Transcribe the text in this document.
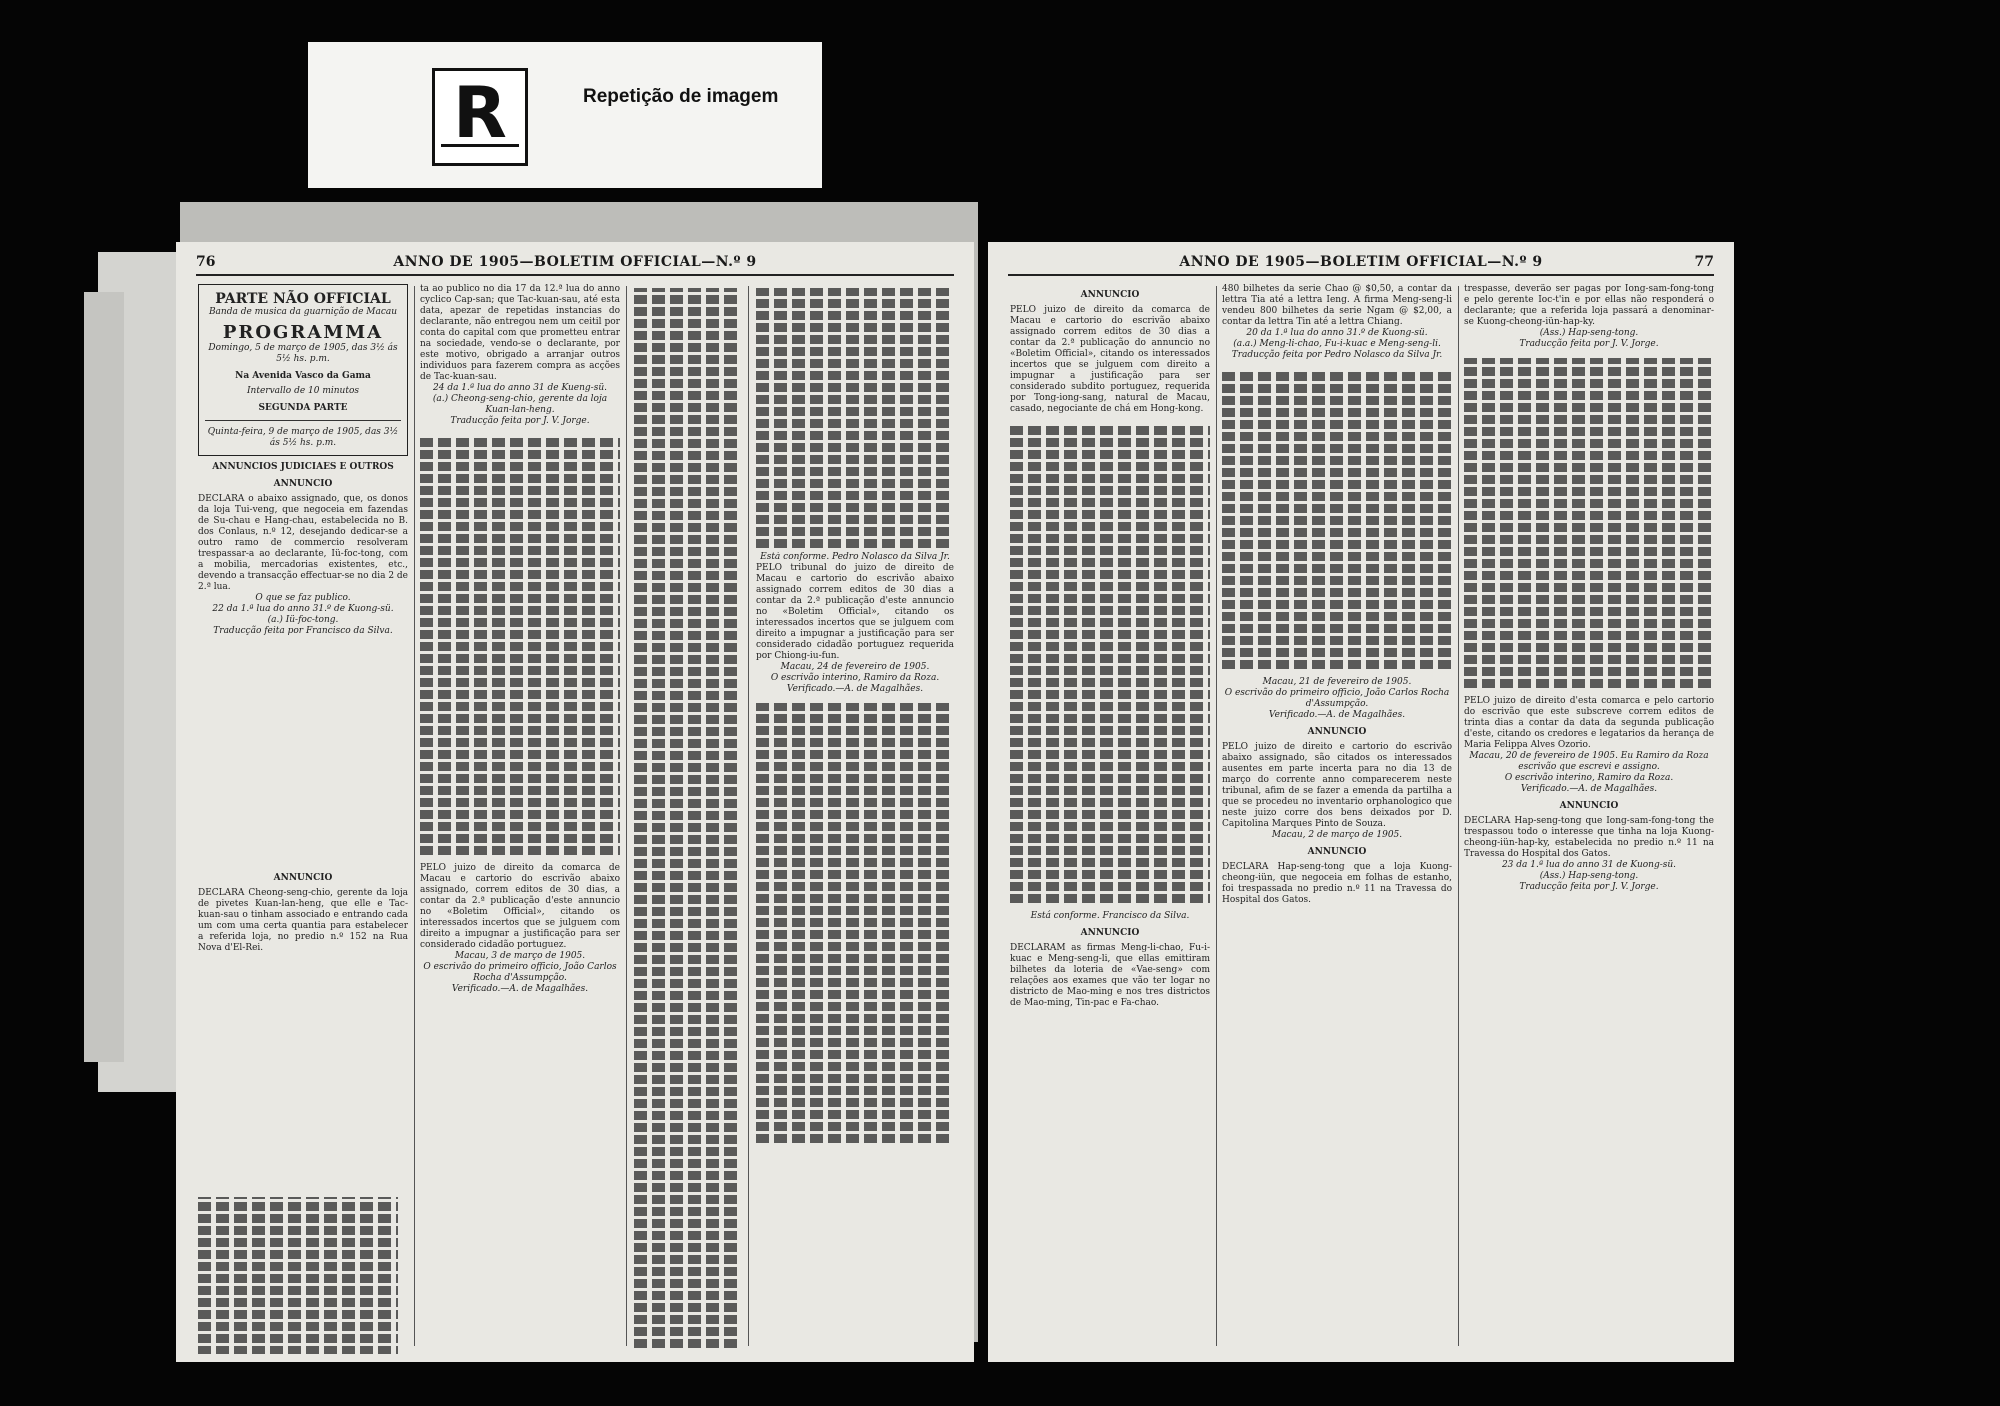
R	Repetição de imagem
76	ANNO DE 1905—BOLETIM OFFICIAL—N.º 9
PARTE NÃO OFFICIAL
Banda de musica da guarnição de Macau
PROGRAMMA
Domingo, 5 de março de 1905, das 3½ ás 5½ hs. p.m.
Na Avenida Vasco da Gama
Intervallo de 10 minutos
SEGUNDA PARTE
Quinta-feira, 9 de março de 1905, das 3½ ás 5½ hs. p.m.
ANNUNCIOS JUDICIAES E OUTROS
ANNUNCIO
DECLARA o abaixo assignado, que, os donos da loja Tui-veng, que negoceia em fazendas de Su-chau e Hang-chau, estabelecida no B. dos Conlaus, n.º 12, desejando dedicar-se a outro ramo de commercio resolveram trespassar-a ao declarante, Iü-foc-tong, com a mobilia, mercadorias existentes, etc., devendo a transacção effectuar-se no dia 2 de 2.ª lua.
O que se faz publico.
22 da 1.ª lua do anno 31.º de Kuong-sü.
(a.) Iü-foc-tong.
Traducção feita por Francisco da Silva.
ANNUNCIO
DECLARA Cheong-seng-chio, gerente da loja de pivetes Kuan-lan-heng, que elle e Tac-kuan-sau o tinham associado e entrando cada um com uma certa quantia para estabelecer a referida loja, no predio n.º 152 na Rua Nova d'El-Rei.
ta ao publico no dia 17 da 12.ª lua do anno cyclico Cap-san; que Tac-kuan-sau, até esta data, apezar de repetidas instancias do declarante, não entregou nem um ceitil por conta do capital com que prometteu entrar na sociedade, vendo-se o declarante, por este motivo, obrigado a arranjar outros individuos para fazerem compra as acções de Tac-kuan-sau.
24 da 1.ª lua do anno 31 de Kueng-sü.
(a.) Cheong-seng-chio, gerente da loja Kuan-lan-heng.
Traducção feita por J. V. Jorge.
PELO juizo de direito da comarca de Macau e cartorio do escrivão abaixo assignado, correm editos de 30 dias, a contar da 2.ª publicação d'este annuncio no «Boletim Official», citando os interessados incertos que se julguem com direito a impugnar a justificação para ser considerado cidadão portuguez.
Macau, 3 de março de 1905.
O escrivão do primeiro officio, João Carlos Rocha d'Assumpção.
Verificado.—A. de Magalhães.
Está conforme. Pedro Nolasco da Silva Jr.
PELO tribunal do juizo de direito de Macau e cartorio do escrivão abaixo assignado correm editos de 30 dias a contar da 2.ª publicação d'este annuncio no «Boletim Official», citando os interessados incertos que se julguem com direito a impugnar a justificação para ser considerado cidadão portuguez requerida por Chiong-iu-fun.
Macau, 24 de fevereiro de 1905.
O escrivão interino, Ramiro da Roza.
Verificado.—A. de Magalhães.
ANNO DE 1905—BOLETIM OFFICIAL—N.º 9	77
ANNUNCIO
PELO juizo de direito da comarca de Macau e cartorio do escrivão abaixo assignado correm editos de 30 dias a contar da 2.ª publicação do annuncio no «Boletim Official», citando os interessados incertos que se julguem com direito a impugnar a justificação para ser considerado subdito portuguez, requerida por Tong-iong-sang, natural de Macau, casado, negociante de chá em Hong-kong.
Está conforme. Francisco da Silva.
ANNUNCIO
DECLARAM as firmas Meng-li-chao, Fu-i-kuac e Meng-seng-li, que ellas emittiram bilhetes da loteria de «Vae-seng» com relações aos exames que vão ter logar no districto de Mao-ming e nos tres districtos de Mao-ming, Tin-pac e Fa-chao.
480 bilhetes da serie Chao @ $0,50, a contar da lettra Tia até a lettra Ieng. A firma Meng-seng-li vendeu 800 bilhetes da serie Ngam @ $2,00, a contar da lettra Tin até a lettra Chiang.
20 da 1.ª lua do anno 31.º de Kuong-sü.
(a.a.) Meng-li-chao, Fu-i-kuac e Meng-seng-li.
Traducção feita por Pedro Nolasco da Silva Jr.
Macau, 21 de fevereiro de 1905.
O escrivão do primeiro officio, João Carlos Rocha d'Assumpção.
Verificado.—A. de Magalhães.
ANNUNCIO
PELO juizo de direito e cartorio do escrivão abaixo assignado, são citados os interessados ausentes em parte incerta para no dia 13 de março do corrente anno comparecerem neste tribunal, afim de se fazer a emenda da partilha a que se procedeu no inventario orphanologico que neste juizo corre dos bens deixados por D. Capitolina Marques Pinto de Souza.
Macau, 2 de março de 1905.
ANNUNCIO
DECLARA Hap-seng-tong que a loja Kuong-cheong-iün, que negoceia em folhas de estanho, foi trespassada no predio n.º 11 na Travessa do Hospital dos Gatos.
trespasse, deverão ser pagas por Iong-sam-fong-tong e pelo gerente Ioc-t'in e por ellas não responderá o declarante; que a referida loja passará a denominar-se Kuong-cheong-iün-hap-ky.
(Ass.) Hap-seng-tong.
Traducção feita por J. V. Jorge.
PELO juizo de direito d'esta comarca e pelo cartorio do escrivão que este subscreve correm editos de trinta dias a contar da data da segunda publicação d'este, citando os credores e legatarios da herança de Maria Felippa Alves Ozorio.
Macau, 20 de fevereiro de 1905. Eu Ramiro da Roza escrivão que escrevi e assigno.
O escrivão interino, Ramiro da Roza.
Verificado.—A. de Magalhães.
ANNUNCIO
DECLARA Hap-seng-tong que Iong-sam-fong-tong the trespassou todo o interesse que tinha na loja Kuong-cheong-iün-hap-ky, estabelecida no predio n.º 11 na Travessa do Hospital dos Gatos.
23 da 1.ª lua do anno 31 de Kuong-sü.
(Ass.) Hap-seng-tong.
Traducção feita por J. V. Jorge.
